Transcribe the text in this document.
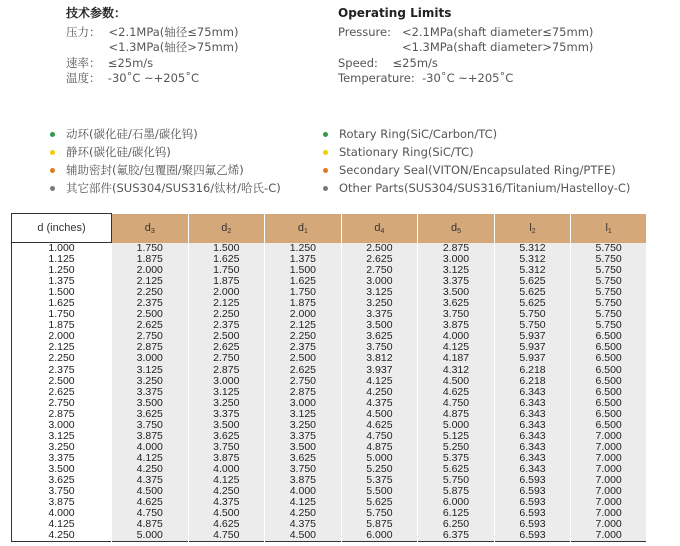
技术参数：
压力： <2.1MPa(轴径≤75mm)
<1.3MPa(轴径>75mm)
速率：  ≤25m/s
温度：  -30˚C ~+205˚C
Operating Limits
Pressure: <2.1MPa(shaft diameter≤75mm)
<1.3MPa(shaft diameter>75mm)
Speed:    ≤25m/s
Temperature:  -30˚C ~+205˚C
动环(碳化硅/石墨/碳化钨)
静环(碳化硅/碳化钨)
辅助密封(氟胶/包覆圈/聚四氟乙烯)
其它部件(SUS304/SUS316/钛材/哈氏-C)
Rotary Ring(SiC/Carbon/TC)
Stationary Ring(SiC/TC)
Secondary Seal(VITON/Encapsulated Ring/PTFE)
Other Parts(SUS304/SUS316/Titanium/Hastelloy-C)
d (inches)	$d_3$	$d_2$	$d_1$	$d_4$	$d_5$	$l_2$	$l_1$
1.000	1.750	1.500	1.250	2.500	2.875	5.312	5.750
1.125	1.875	1.625	1.375	2.625	3.000	5.312	5.750
1.250	2.000	1.750	1.500	2.750	3.125	5.312	5.750
1.375	2.125	1.875	1.625	3.000	3.375	5.625	5.750
1.500	2.250	2.000	1.750	3.125	3.500	5.625	5.750
1.625	2.375	2.125	1.875	3.250	3.625	5.625	5.750
1.750	2.500	2.250	2.000	3.375	3.750	5.750	5.750
1.875	2.625	2.375	2.125	3.500	3.875	5.750	5.750
2.000	2.750	2.500	2.250	3.625	4.000	5.937	6.500
2.125	2.875	2.625	2.375	3.750	4.125	5.937	6.500
2.250	3.000	2.750	2.500	3.812	4.187	5.937	6.500
2.375	3.125	2.875	2.625	3.937	4.312	6.218	6.500
2.500	3.250	3.000	2.750	4.125	4.500	6.218	6.500
2.625	3.375	3.125	2.875	4.250	4.625	6.343	6.500
2.750	3.500	3.250	3.000	4.375	4.750	6.343	6.500
2.875	3.625	3.375	3.125	4.500	4.875	6.343	6.500
3.000	3.750	3.500	3.250	4.625	5.000	6.343	6.500
3.125	3.875	3.625	3.375	4.750	5.125	6.343	7.000
3.250	4.000	3.750	3.500	4.875	5.250	6.343	7.000
3.375	4.125	3.875	3.625	5.000	5.375	6.343	7.000
3.500	4.250	4.000	3.750	5.250	5.625	6.343	7.000
3.625	4.375	4.125	3.875	5.375	5.750	6.593	7.000
3.750	4.500	4.250	4.000	5.500	5.875	6.593	7.000
3.875	4.625	4.375	4.125	5.625	6.000	6.593	7.000
4.000	4.750	4.500	4.250	5.750	6.125	6.593	7.000
4.125	4.875	4.625	4.375	5.875	6.250	6.593	7.000
4.250	5.000	4.750	4.500	6.000	6.375	6.593	7.000
